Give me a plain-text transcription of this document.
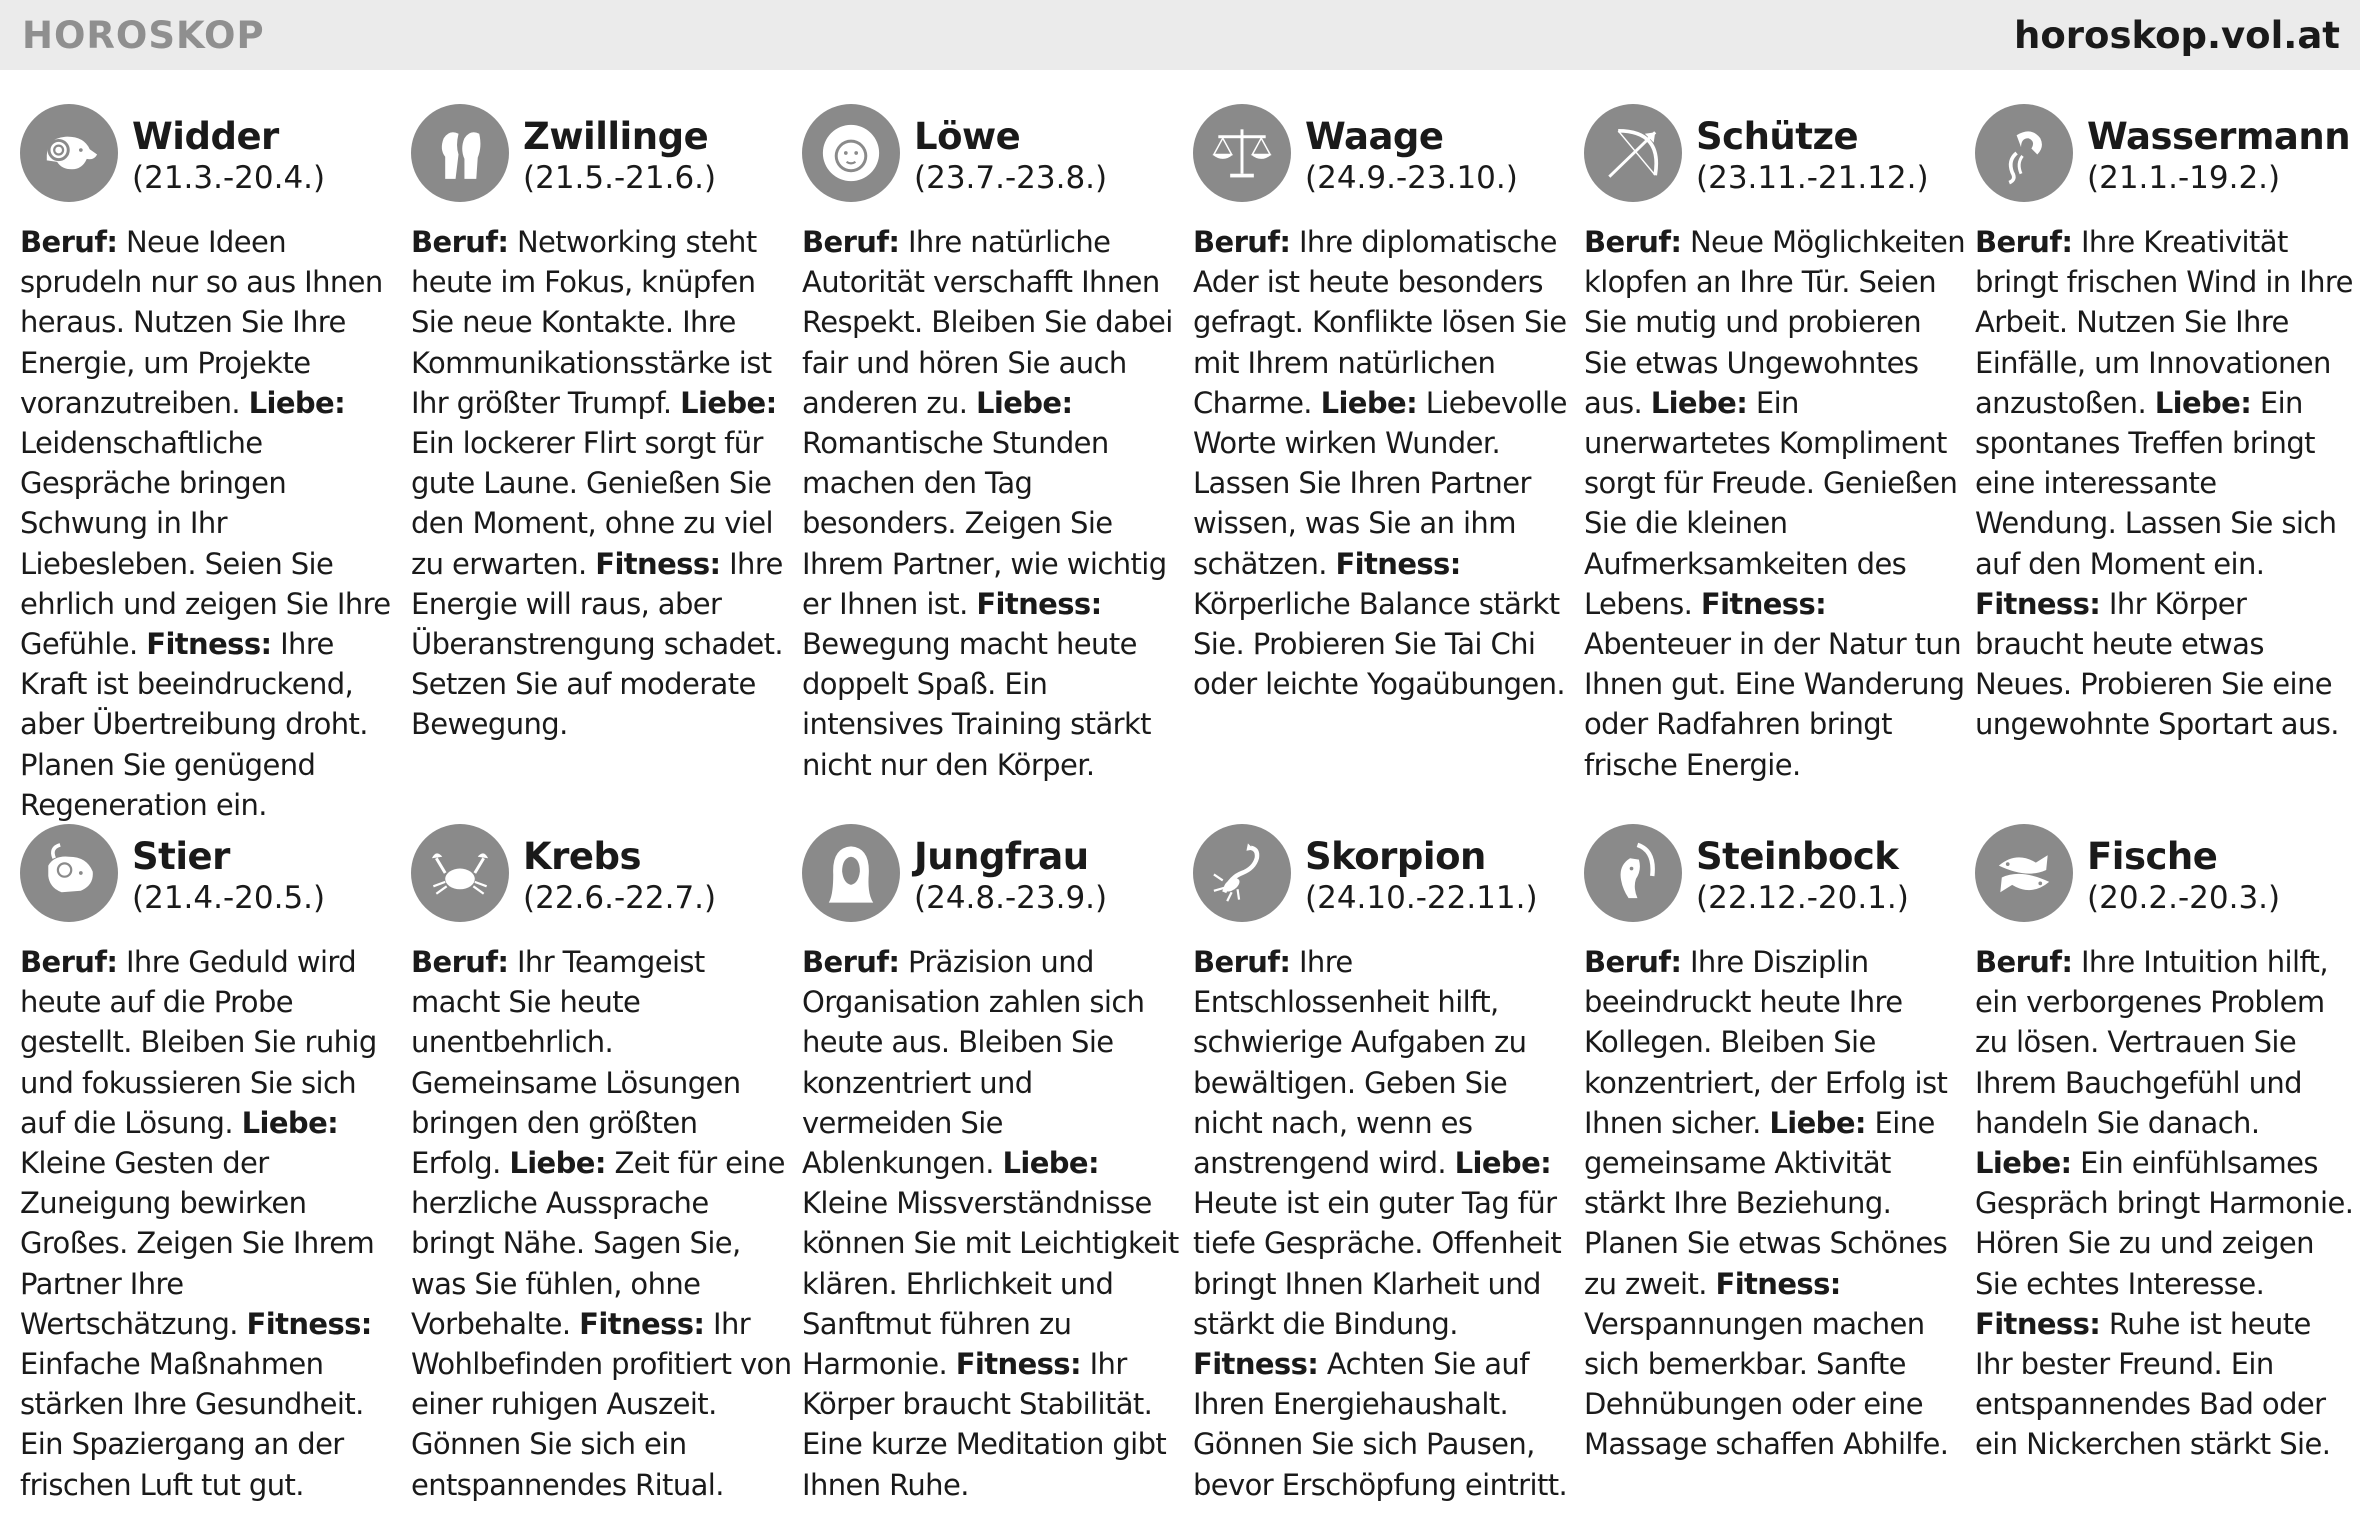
HOROSKOP	horoskop.vol.at
Widder
(21.3.-20.4.)
Beruf: Neue Ideen sprudeln nur so aus Ihnen heraus. Nutzen Sie Ihre Energie, um Projekte voranzutreiben. Liebe: Leidenschaftliche Gespräche bringen Schwung in Ihr Liebesleben. Seien Sie ehrlich und zeigen Sie Ihre Gefühle. Fitness: Ihre Kraft ist beeindruckend, aber Übertreibung droht. Planen Sie genügend Regeneration ein.
Zwillinge
(21.5.-21.6.)
Beruf: Networking steht heute im Fokus, knüpfen Sie neue Kontakte. Ihre Kommunikationsstärke ist Ihr größter Trumpf. Liebe: Ein lockerer Flirt sorgt für gute Laune. Genießen Sie den Moment, ohne zu viel zu erwarten. Fitness: Ihre Energie will raus, aber Überanstrengung schadet. Setzen Sie auf moderate Bewegung.
Löwe
(23.7.-23.8.)
Beruf: Ihre natürliche Autorität verschafft Ihnen Respekt. Bleiben Sie dabei fair und hören Sie auch anderen zu. Liebe: Romantische Stunden machen den Tag besonders. Zeigen Sie Ihrem Partner, wie wichtig er Ihnen ist. Fitness: Bewegung macht heute doppelt Spaß. Ein intensives Training stärkt nicht nur den Körper.
Waage
(24.9.-23.10.)
Beruf: Ihre diplomatische Ader ist heute besonders gefragt. Konflikte lösen Sie mit Ihrem natürlichen Charme. Liebe: Liebevolle Worte wirken Wunder. Lassen Sie Ihren Partner wissen, was Sie an ihm schätzen. Fitness: Körperliche Balance stärkt Sie. Probieren Sie Tai Chi oder leichte Yogaübungen.
Schütze
(23.11.-21.12.)
Beruf: Neue Möglichkeiten klopfen an Ihre Tür. Seien Sie mutig und probieren Sie etwas Ungewohntes aus. Liebe: Ein unerwartetes Kompliment sorgt für Freude. Genießen Sie die kleinen Aufmerksamkeiten des Lebens. Fitness: Abenteuer in der Natur tun Ihnen gut. Eine Wanderung oder Radfahren bringt frische Energie.
Wassermann
(21.1.-19.2.)
Beruf: Ihre Kreativität bringt frischen Wind in Ihre Arbeit. Nutzen Sie Ihre Einfälle, um Innovationen anzustoßen. Liebe: Ein spontanes Treffen bringt eine interessante Wendung. Lassen Sie sich auf den Moment ein. Fitness: Ihr Körper braucht heute etwas Neues. Probieren Sie eine ungewohnte Sportart aus.
Stier
(21.4.-20.5.)
Beruf: Ihre Geduld wird heute auf die Probe gestellt. Bleiben Sie ruhig und fokussieren Sie sich auf die Lösung. Liebe: Kleine Gesten der Zuneigung bewirken Großes. Zeigen Sie Ihrem Partner Ihre Wertschätzung. Fitness: Einfache Maßnahmen stärken Ihre Gesundheit. Ein Spaziergang an der frischen Luft tut gut.
Krebs
(22.6.-22.7.)
Beruf: Ihr Teamgeist macht Sie heute unentbehrlich. Gemeinsame Lösungen bringen den größten Erfolg. Liebe: Zeit für eine herzliche Aussprache bringt Nähe. Sagen Sie, was Sie fühlen, ohne Vorbehalte. Fitness: Ihr Wohlbefinden profitiert von einer ruhigen Auszeit. Gönnen Sie sich ein entspannendes Ritual.
Jungfrau
(24.8.-23.9.)
Beruf: Präzision und Organisation zahlen sich heute aus. Bleiben Sie konzentriert und vermeiden Sie Ablenkungen. Liebe: Kleine Missverständnisse können Sie mit Leichtigkeit klären. Ehrlichkeit und Sanftmut führen zu Harmonie. Fitness: Ihr Körper braucht Stabilität. Eine kurze Meditation gibt Ihnen Ruhe.
Skorpion
(24.10.-22.11.)
Beruf: Ihre Entschlossenheit hilft, schwierige Aufgaben zu bewältigen. Geben Sie nicht nach, wenn es anstrengend wird. Liebe: Heute ist ein guter Tag für tiefe Gespräche. Offenheit bringt Ihnen Klarheit und stärkt die Bindung. Fitness: Achten Sie auf Ihren Energiehaushalt. Gönnen Sie sich Pausen, bevor Erschöpfung eintritt.
Steinbock
(22.12.-20.1.)
Beruf: Ihre Disziplin beeindruckt heute Ihre Kollegen. Bleiben Sie konzentriert, der Erfolg ist Ihnen sicher. Liebe: Eine gemeinsame Aktivität stärkt Ihre Beziehung. Planen Sie etwas Schönes zu zweit. Fitness: Verspannungen machen sich bemerkbar. Sanfte Dehnübungen oder eine Massage schaffen Abhilfe.
Fische
(20.2.-20.3.)
Beruf: Ihre Intuition hilft, ein verborgenes Problem zu lösen. Vertrauen Sie Ihrem Bauchgefühl und handeln Sie danach. Liebe: Ein einfühlsames Gespräch bringt Harmonie. Hören Sie zu und zeigen Sie echtes Interesse. Fitness: Ruhe ist heute Ihr bester Freund. Ein entspannendes Bad oder ein Nickerchen stärkt Sie.
